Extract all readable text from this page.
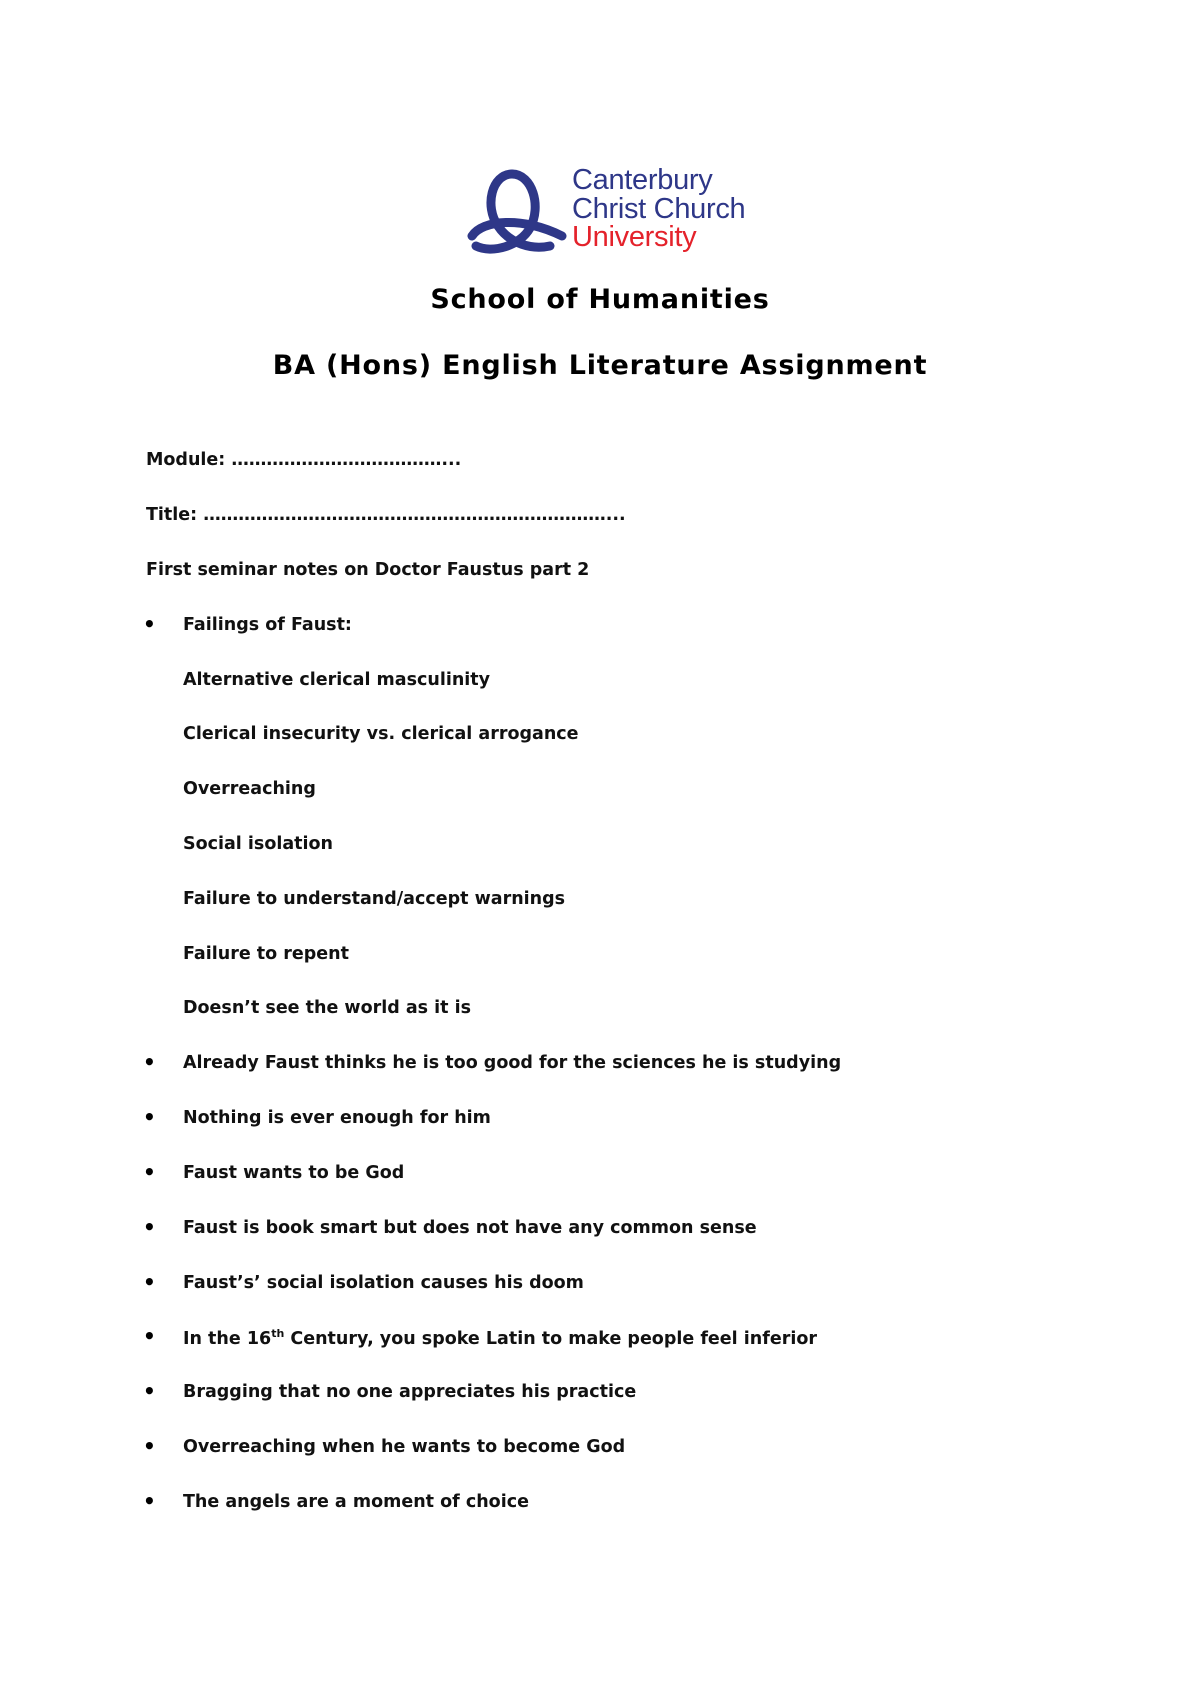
Canterbury
Christ Church
University
School of Humanities
BA (Hons) English Literature Assignment

Module: ………………………………...

Title: ……………………………………………………………...

First seminar notes on Doctor Faustus part 2

• Failings of Faust:

Alternative clerical masculinity

Clerical insecurity vs. clerical arrogance

Overreaching

Social isolation

Failure to understand/accept warnings

Failure to repent

Doesn’t see the world as it is

• Already Faust thinks he is too good for the sciences he is studying

• Nothing is ever enough for him

• Faust wants to be God

• Faust is book smart but does not have any common sense

• Faust’s’ social isolation causes his doom

• In the 16th Century, you spoke Latin to make people feel inferior

• Bragging that no one appreciates his practice

• Overreaching when he wants to become God

• The angels are a moment of choice
